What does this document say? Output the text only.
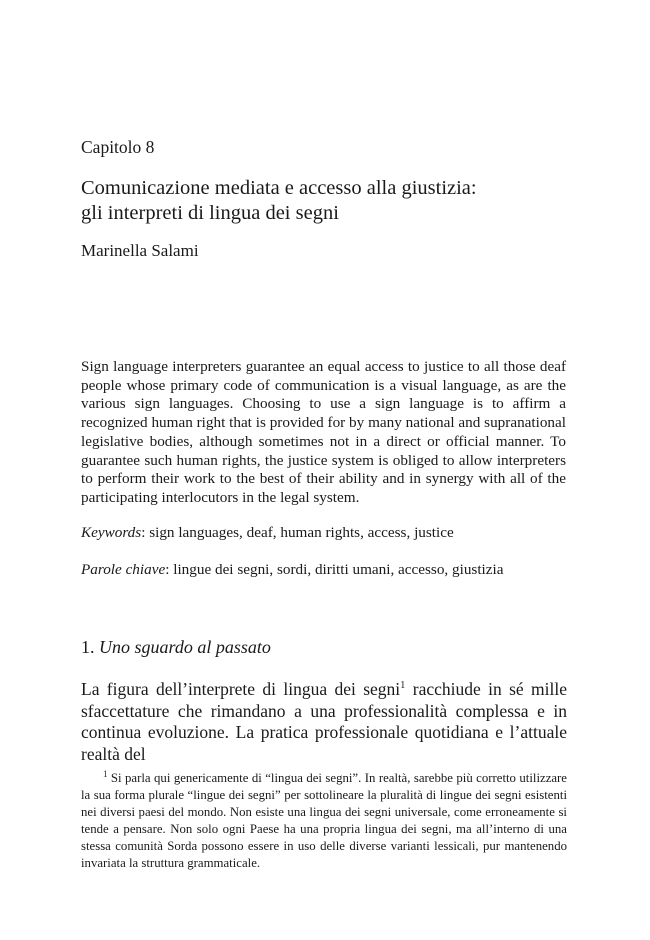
Capitolo 8
Comunicazione mediata e accesso alla giustizia:
gli interpreti di lingua dei segni
Marinella Salami

Sign language interpreters guarantee an equal access to justice to all those deaf people whose primary code of communication is a visual language, as are the various sign languages. Choosing to use a sign language is to affirm a recognized human right that is provided for by many national and supranational legislative bodies, although sometimes not in a direct or official manner. To guarantee such human rights, the justice system is obliged to allow interpreters to perform their work to the best of their ability and in synergy with all of the participating interlocutors in the legal system.

Keywords: sign languages, deaf, human rights, access, justice
Parole chiave: lingue dei segni, sordi, diritti umani, accesso, giustizia
1. Uno sguardo al passato

La figura dell’interprete di lingua dei segni$^1$ racchiude in sé mille sfaccettature che rimandano a una professionalità complessa e in continua evoluzione. La pratica professionale quotidiana e l’attuale realtà del

$^1$ Si parla qui genericamente di “lingua dei segni”. In realtà, sarebbe più corretto utilizzare la sua forma plurale “lingue dei segni” per sottolineare la pluralità di lingue dei segni esistenti nei diversi paesi del mondo. Non esiste una lingua dei segni universale, come erroneamente si tende a pensare. Non solo ogni Paese ha una propria lingua dei segni, ma all’interno di una stessa comunità Sorda possono essere in uso delle diverse varianti lessicali, pur mantenendo invariata la struttura grammaticale.
